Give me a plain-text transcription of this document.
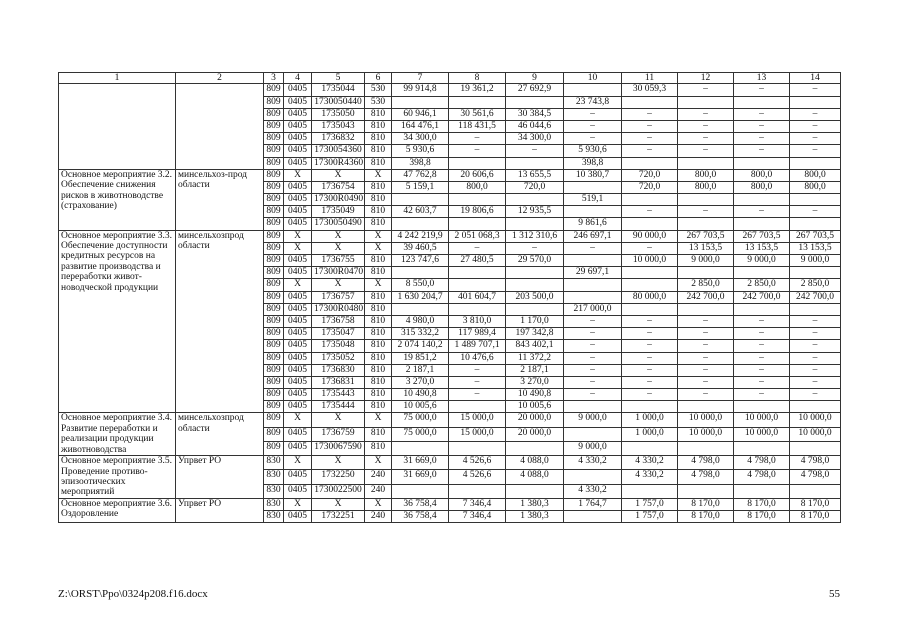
1	2	3	4	5	6	7	8	9	10	11	12	13	14
		809	0405	1735044	530	99 914,8	19 361,2	27 692,9		30 059,3	–	–	–
		809	0405	1730050440	530				23 743,8				
		809	0405	1735050	810	60 946,1	30 561,6	30 384,5	–	–	–	–	–
		809	0405	1735043	810	164 476,1	118 431,5	46 044,6	–	–	–	–	–
		809	0405	1736832	810	34 300,0	–	34 300,0	–	–	–	–	–
		809	0405	1730054360	810	5 930,6	–	–	5 930,6	–	–	–	–
		809	0405	17300R4360	810	398,8			398,8				
Основное мероприятие 3.2. Обеспечение снижения рисков в животноводстве (страхование)	минсельхоз-прод области	809	Х	Х	Х	47 762,8	20 606,6	13 655,5	10 380,7	720,0	800,0	800,0	800,0
		809	0405	1736754	810	5 159,1	800,0	720,0		720,0	800,0	800,0	800,0
		809	0405	17300R0490	810				519,1				
		809	0405	1735049	810	42 603,7	19 806,6	12 935,5		–	–	–	–
		809	0405	1730050490	810				9 861,6				
Основное мероприятие 3.3. Обеспечение доступности кредитных ресурсов на развитие производства и переработки живот-новодческой продукции	минсельхозпрод области	809	Х	Х	Х	4 242 219,9	2 051 068,3	1 312 310,6	246 697,1	90 000,0	267 703,5	267 703,5	267 703,5
		809	Х	Х	Х	39 460,5	–	–	–	–	13 153,5	13 153,5	13 153,5
		809	0405	1736755	810	123 747,6	27 480,5	29 570,0		10 000,0	9 000,0	9 000,0	9 000,0
		809	0405	17300R0470	810				29 697,1				
		809	Х	Х	Х	8 550,0					2 850,0	2 850,0	2 850,0
		809	0405	1736757	810	1 630 204,7	401 604,7	203 500,0		80 000,0	242 700,0	242 700,0	242 700,0
		809	0405	17300R0480	810				217 000,0				
		809	0405	1736758	810	4 980,0	3 810,0	1 170,0	–	–	–	–	–
		809	0405	1735047	810	315 332,2	117 989,4	197 342,8	–	–	–	–	–
		809	0405	1735048	810	2 074 140,2	1 489 707,1	843 402,1	–	–	–	–	–
		809	0405	1735052	810	19 851,2	10 476,6	11 372,2	–	–	–	–	–
		809	0405	1736830	810	2 187,1	–	2 187,1	–	–	–	–	–
		809	0405	1736831	810	3 270,0	–	3 270,0	–	–	–	–	–
		809	0405	1735443	810	10 490,8	–	10 490,8	–	–	–	–	–
		809	0405	1735444	810	10 005,6		10 005,6					
Основное мероприятие 3.4. Развитие переработки и реализации продукции животноводства	минсельхозпрод области	809	Х	Х	Х	75 000,0	15 000,0	20 000,0	9 000,0	1 000,0	10 000,0	10 000,0	10 000,0
		809	0405	1736759	810	75 000,0	15 000,0	20 000,0		1 000,0	10 000,0	10 000,0	10 000,0
		809	0405	1730067590	810				9 000,0				
Основное мероприятие 3.5. Проведение противо-эпизоотических мероприятий	Упрвет РО	830	Х	Х	Х	31 669,0	4 526,6	4 088,0	4 330,2	4 330,2	4 798,0	4 798,0	4 798,0
		830	0405	1732250	240	31 669,0	4 526,6	4 088,0		4 330,2	4 798,0	4 798,0	4 798,0
		830	0405	1730022500	240				4 330,2				
Основное мероприятие 3.6. Оздоровление	Упрвет РО	830	Х	Х	Х	36 758,4	7 346,4	1 380,3	1 764,7	1 757,0	8 170,0	8 170,0	8 170,0
		830	0405	1732251	240	36 758,4	7 346,4	1 380,3		1 757,0	8 170,0	8 170,0	8 170,0
Z:\ORST\Ppo\0324p208.f16.docx	55
